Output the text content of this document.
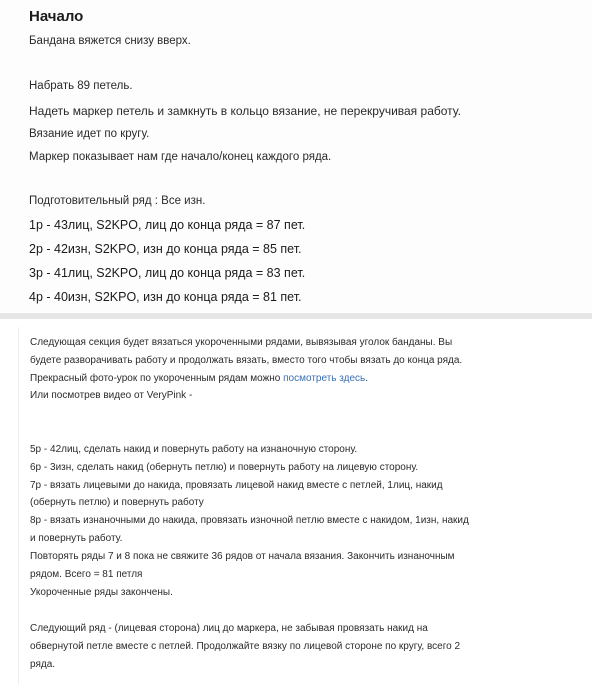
Начало
Бандана вяжется снизу вверх.
Набрать 89 петель.
Надеть маркер петель и замкнуть в кольцо вязание, не перекручивая работу.
Вязание идет по кругу.
Маркер показывает нам где начало/конец каждого ряда.
Подготовительный ряд : Все изн.
1р - 43лиц, S2KPO, лиц до конца ряда = 87 пет.
2р - 42изн, S2KPO, изн до конца ряда = 85 пет.
3р - 41лиц, S2KPO, лиц до конца ряда = 83 пет.
4р - 40изн, S2KPO, изн до конца ряда = 81 пет.
Следующая секция будет вязаться укороченными рядами, вывязывая уголок банданы. Вы
будете разворачивать работу и продолжать вязать, вместо того чтобы вязать до конца ряда.
Прекрасный фото-урок по укороченным рядам можно посмотреть здесь.
Или посмотрев видео от VeryPink -
5р - 42лиц, сделать накид и повернуть работу на изнаночную сторону.
6р - 3изн, сделать накид (обернуть петлю) и повернуть работу на лицевую сторону.
7р - вязать лицевыми до накида, провязать лицевой накид вместе с петлей, 1лиц, накид
(обернуть петлю) и повернуть работу
8р - вязать изнаночными до накида, провязать изночной петлю вместе с накидом, 1изн, накид
и повернуть работу.
Повторять ряды 7 и 8 пока не свяжите 36 рядов от начала вязания. Закончить изнаночным
рядом. Всего = 81 петля
Укороченные ряды закончены.
Следующий ряд - (лицевая сторона) лиц до маркера, не забывая провязать накид на
обвернутой петле вместе с петлей. Продолжайте вязку по лицевой стороне по кругу, всего 2
ряда.
